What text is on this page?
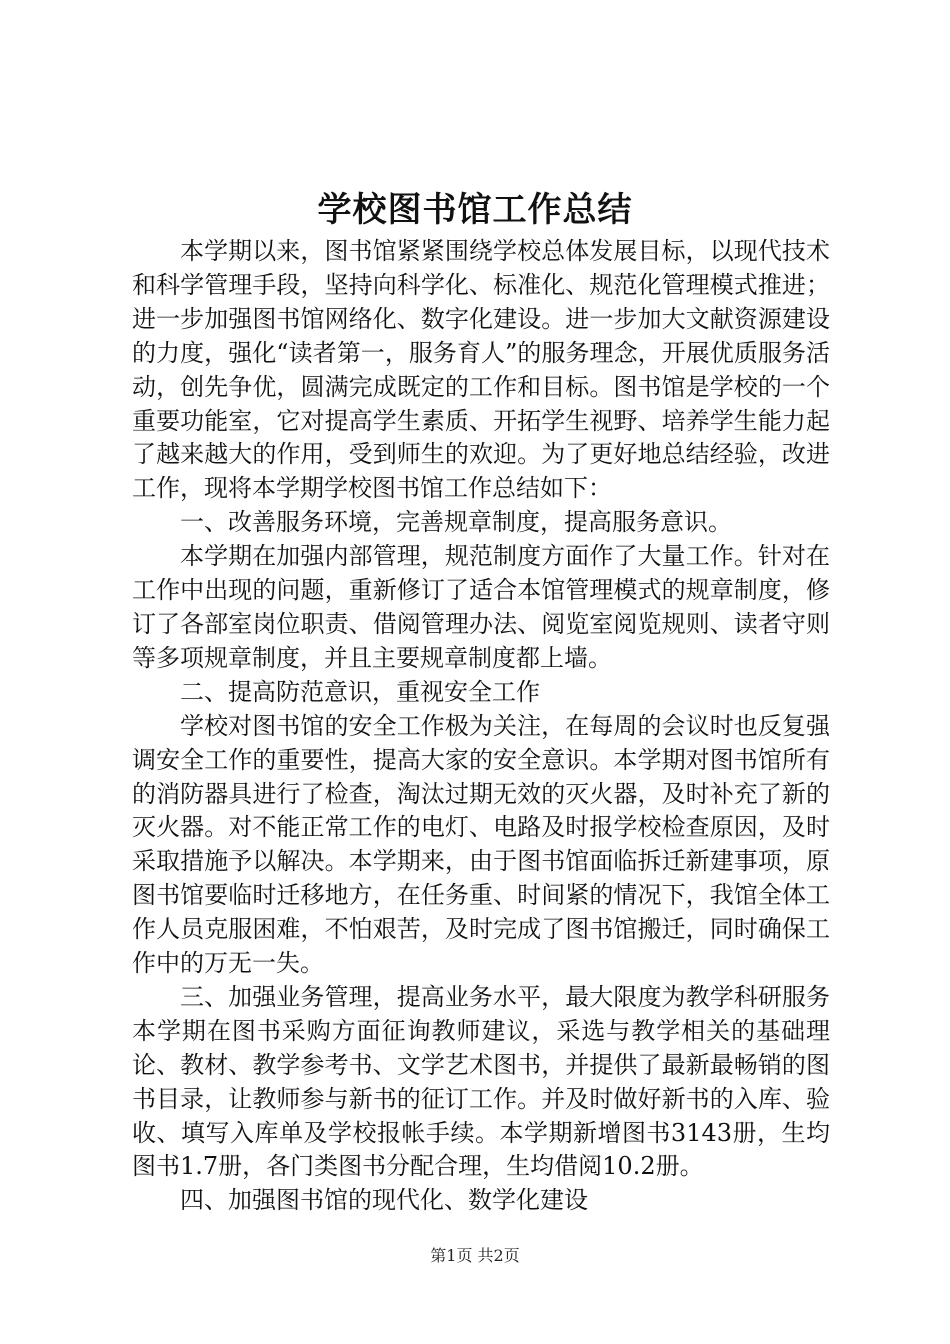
学校图书馆工作总结

本学期以来，图书馆紧紧围绕学校总体发展目标，以现代技术和科学管理手段，坚持向科学化、标准化、规范化管理模式推进；进一步加强图书馆网络化、数字化建设。进一步加大文献资源建设的力度，强化“读者第一，服务育人”的服务理念，开展优质服务活动，创先争优，圆满完成既定的工作和目标。图书馆是学校的一个重要功能室，它对提高学生素质、开拓学生视野、培养学生能力起了越来越大的作用，受到师生的欢迎。为了更好地总结经验，改进工作，现将本学期学校图书馆工作总结如下：

一、改善服务环境，完善规章制度，提高服务意识。

本学期在加强内部管理，规范制度方面作了大量工作。针对在工作中出现的问题，重新修订了适合本馆管理模式的规章制度，修订了各部室岗位职责、借阅管理办法、阅览室阅览规则、读者守则等多项规章制度，并且主要规章制度都上墙。

二、提高防范意识，重视安全工作

学校对图书馆的安全工作极为关注，在每周的会议时也反复强调安全工作的重要性，提高大家的安全意识。本学期对图书馆所有的消防器具进行了检查，淘汰过期无效的灭火器，及时补充了新的灭火器。对不能正常工作的电灯、电路及时报学校检查原因，及时采取措施予以解决。本学期来，由于图书馆面临拆迁新建事项，原图书馆要临时迁移地方，在任务重、时间紧的情况下，我馆全体工作人员克服困难，不怕艰苦，及时完成了图书馆搬迁，同时确保工作中的万无一失。

三、加强业务管理，提高业务水平，最大限度为教学科研服务本学期在图书采购方面征询教师建议，采选与教学相关的基础理论、教材、教学参考书、文学艺术图书，并提供了最新最畅销的图书目录，让教师参与新书的征订工作。并及时做好新书的入库、验收、填写入库单及学校报帐手续。本学期新增图书3143册，生均图书1.7册，各门类图书分配合理，生均借阅10.2册。

四、加强图书馆的现代化、数学化建设

第1页 共2页
